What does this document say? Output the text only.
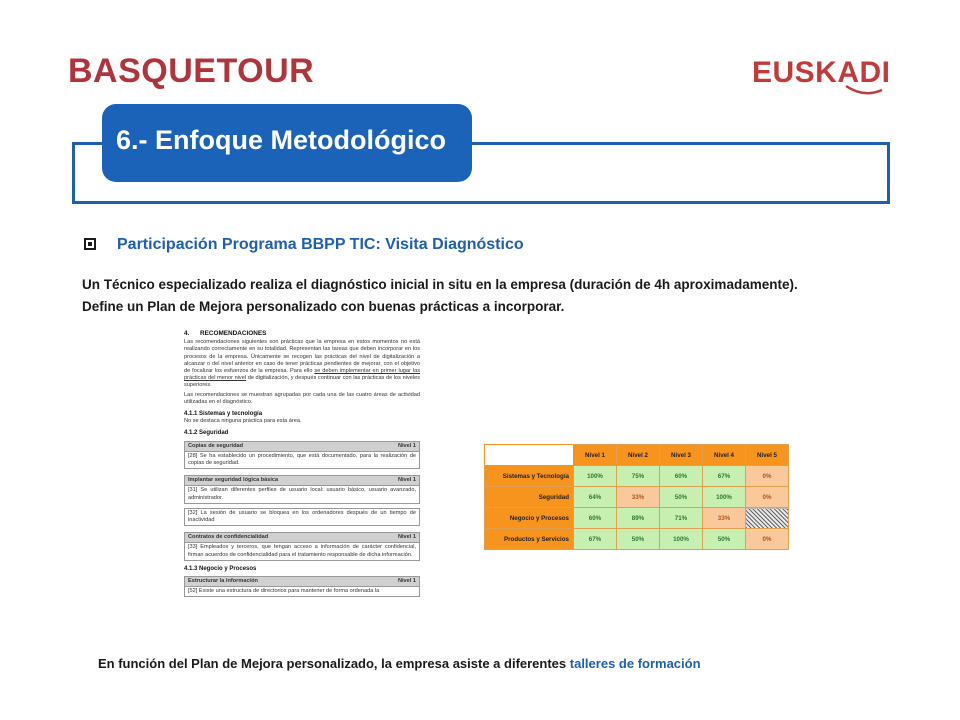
BASQUETOUR	EUSKADI
6.- Enfoque Metodológico
Participación Programa BBPP TIC: Visita Diagnóstico
Un Técnico especializado realiza el diagnóstico inicial in situ en la empresa (duración de 4h aproximadamente). Define un Plan de Mejora personalizado con buenas prácticas a incorporar.
4. RECOMENDACIONES
Las recomendaciones siguientes son prácticas que la empresa en estos momentos no está realizando correctamente en su totalidad. Representan las tareas que deben incorporar en los procesos de la empresa. Únicamente se recogen las prácticas del nivel de digitalización a alcanzar o del nivel anterior en caso de tener prácticas pendientes de mejorar, con el objetivo de focalizar los esfuerzos de la empresa. Para ello se deben implementar en primer lugar las prácticas del menor nivel de digitalización, y después continuar con las prácticas de los niveles superiores.
Las recomendaciones se muestran agrupadas por cada una de las cuatro áreas de actividad utilizadas en el diagnóstico.
4.1.1 Sistemas y tecnología
No se destaca ninguna práctica para esta área.
4.1.2 Seguridad
Copias de seguridad	Nivel 1
[28] Se ha establecido un procedimiento, que está documentado, para la realización de copias de seguridad.
Implantar seguridad lógica básica	Nivel 1
[31] Se utilizan diferentes perfiles de usuario local: usuario básico, usuario avanzado, administrador.
[32] La sesión de usuario se bloquea en los ordenadores después de un tiempo de inactividad
Contratos de confidencialidad	Nivel 1
[33] Empleados y terceros, que tengan acceso a información de carácter confidencial, firman acuerdos de confidencialidad para el tratamiento responsable de dicha información.
4.1.3 Negocio y Procesos
Estructurar la información	Nivel 1
[52] Existe una estructura de directorios para mantener de forma ordenada la
	Nivel 1	Nivel 2	Nivel 3	Nivel 4	Nivel 5
Sistemas y Tecnología	100%	75%	60%	67%	0%
Seguridad	64%	33%	50%	100%	0%
Negocio y Procesos	60%	89%	71%	33%	
Productos y Servicios	67%	50%	100%	50%	0%
En función del Plan de Mejora personalizado, la empresa asiste a diferentes talleres de formación
